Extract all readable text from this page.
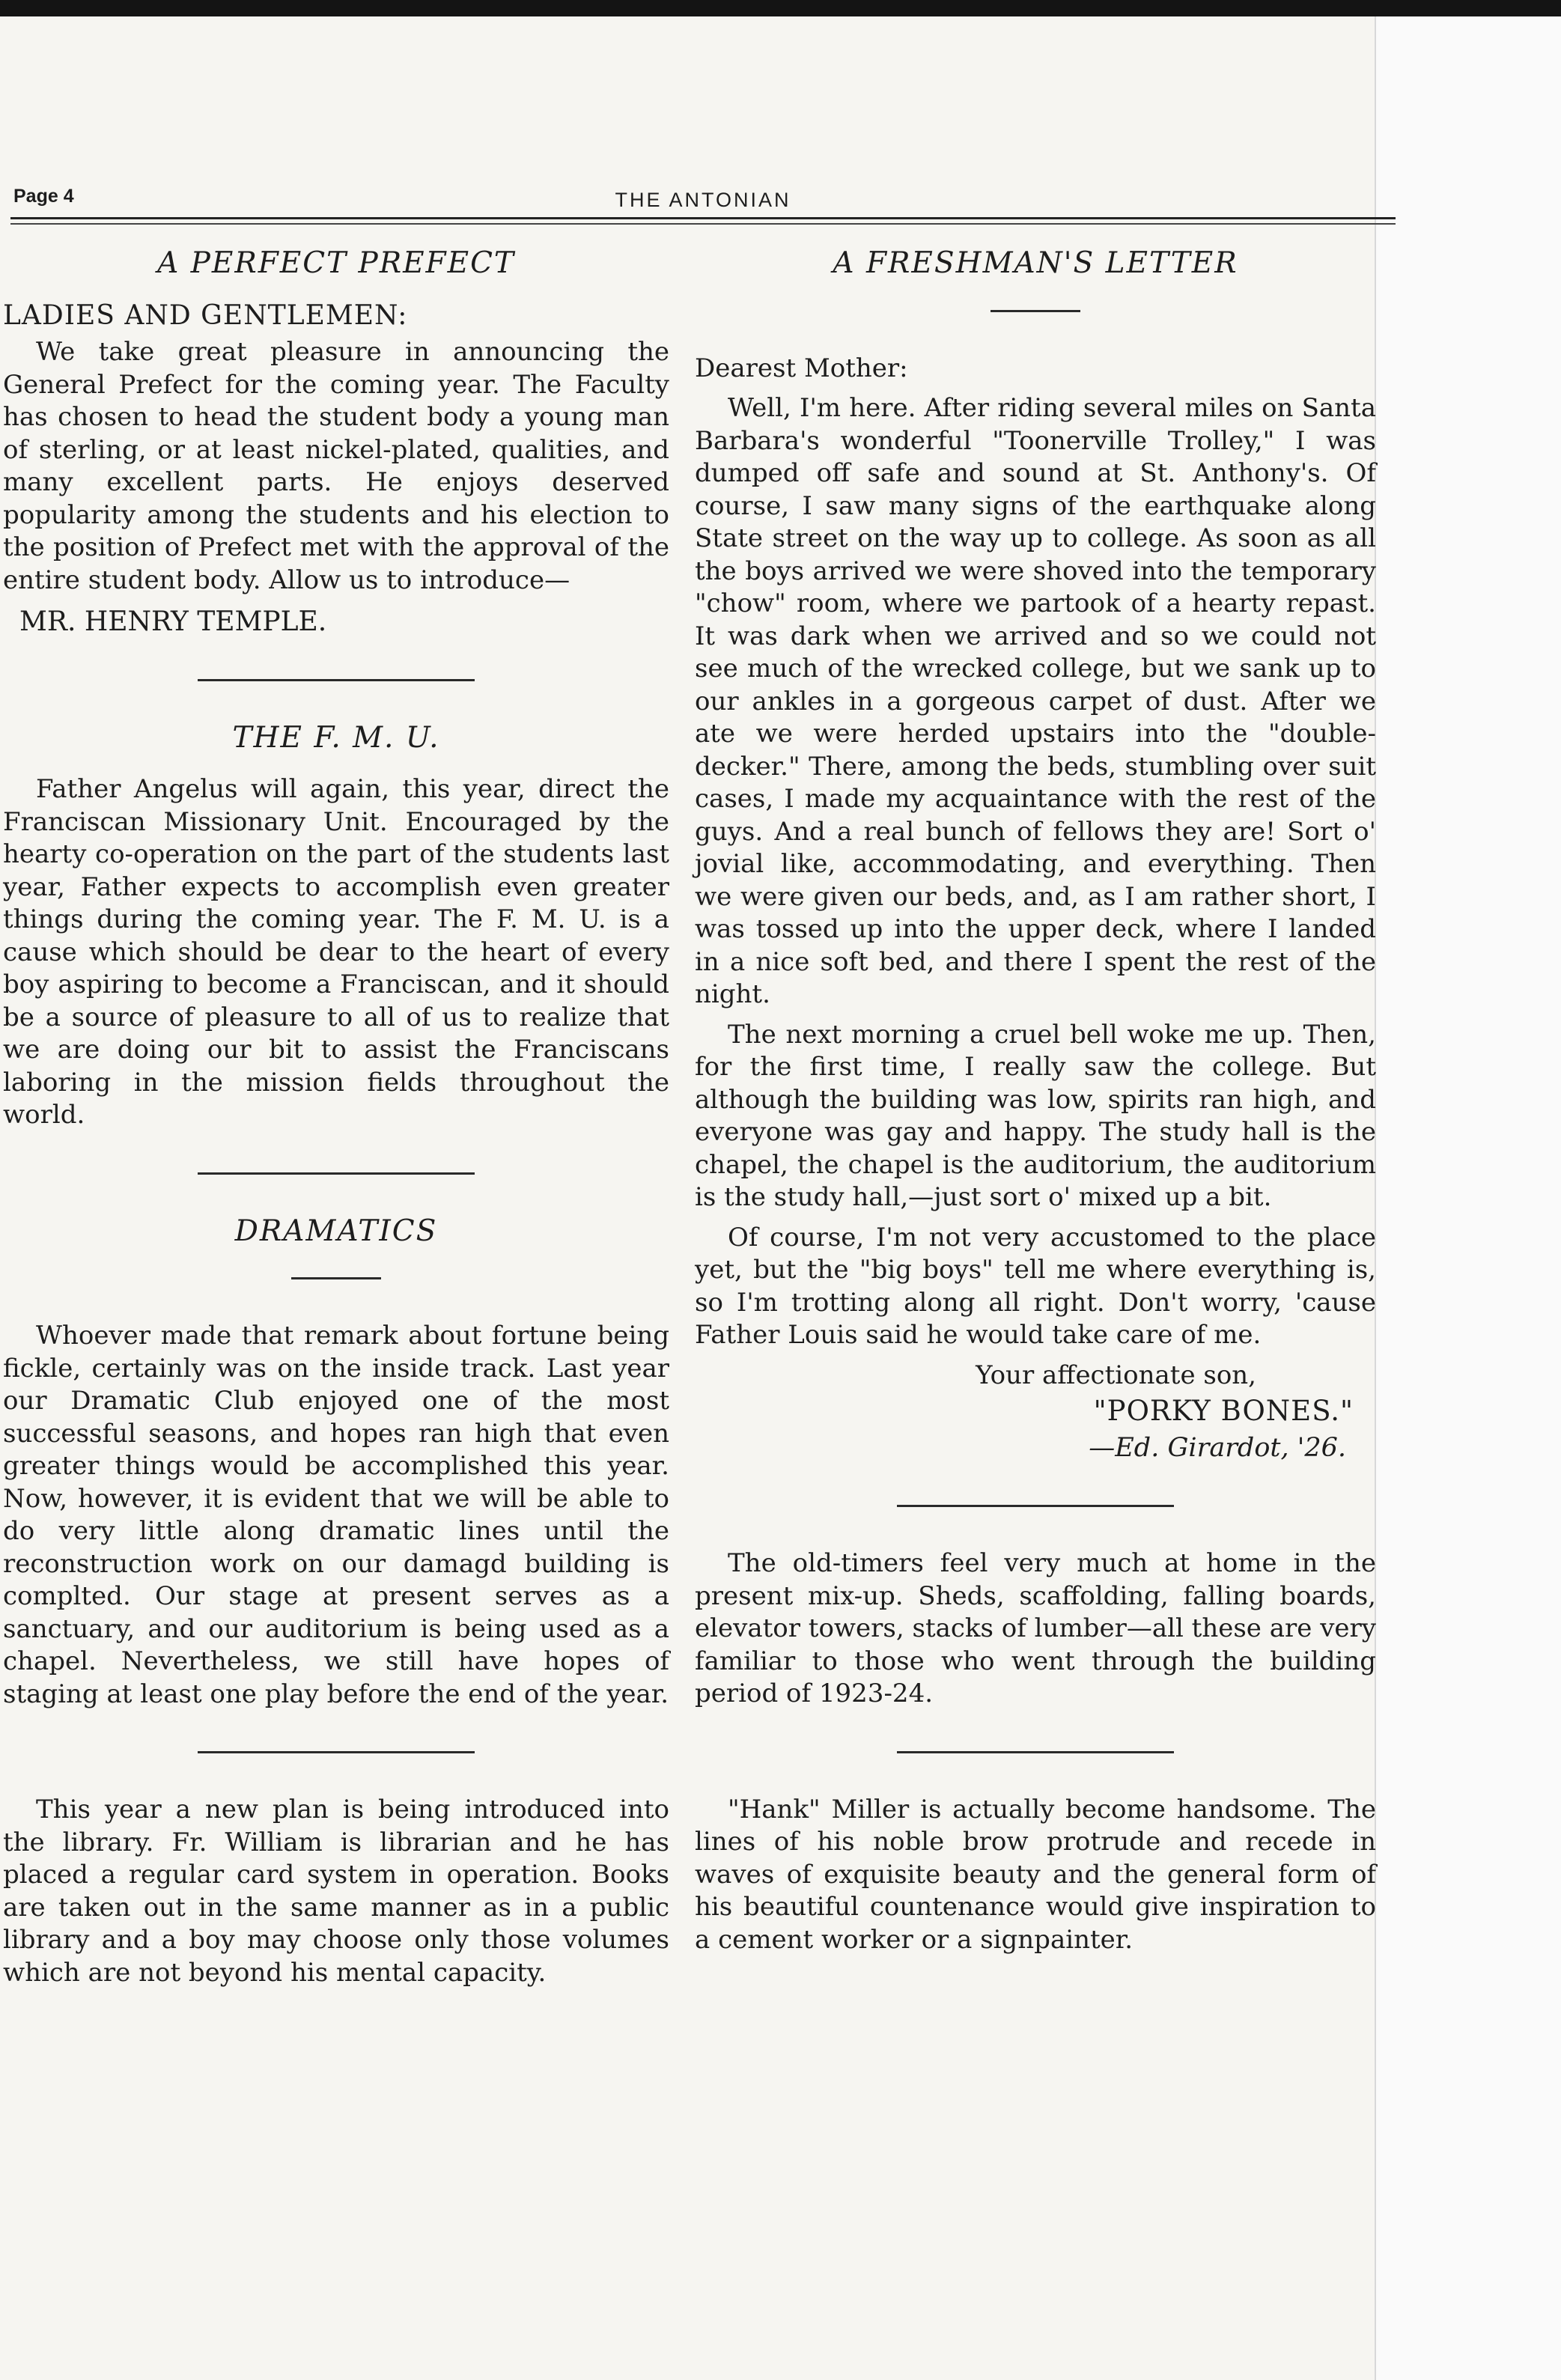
Page 4	THE ANTONIAN
A PERFECT PREFECT
LADIES AND GENTLEMEN:

We take great pleasure in announcing the General Prefect for the coming year. The Faculty has chosen to head the student body a young man of sterling, or at least nickel-plated, qualities, and many excellent parts. He enjoys deserved popularity among the students and his election to the position of Prefect met with the approval of the entire student body. Allow us to introduce—

MR. HENRY TEMPLE.
THE F. M. U.

Father Angelus will again, this year, direct the Franciscan Missionary Unit. Encouraged by the hearty co-operation on the part of the students last year, Father expects to accomplish even greater things during the coming year. The F. M. U. is a cause which should be dear to the heart of every boy aspiring to become a Franciscan, and it should be a source of pleasure to all of us to realize that we are doing our bit to assist the Franciscans laboring in the mission fields throughout the world.

DRAMATICS

Whoever made that remark about fortune being fickle, certainly was on the inside track. Last year our Dramatic Club enjoyed one of the most successful seasons, and hopes ran high that even greater things would be accomplished this year. Now, however, it is evident that we will be able to do very little along dramatic lines until the reconstruction work on our damagd building is complted. Our stage at present serves as a sanctuary, and our auditorium is being used as a chapel. Nevertheless, we still have hopes of staging at least one play before the end of the year.

This year a new plan is being introduced into the library. Fr. William is librarian and he has placed a regular card system in operation. Books are taken out in the same manner as in a public library and a boy may choose only those volumes which are not beyond his mental capacity.

A FRESHMAN'S LETTER

Dearest Mother:

Well, I'm here. After riding several miles on Santa Barbara's wonderful "Toonerville Trolley," I was dumped off safe and sound at St. Anthony's. Of course, I saw many signs of the earthquake along State street on the way up to college. As soon as all the boys arrived we were shoved into the temporary "chow" room, where we partook of a hearty repast. It was dark when we arrived and so we could not see much of the wrecked college, but we sank up to our ankles in a gorgeous carpet of dust. After we ate we were herded upstairs into the "double-decker." There, among the beds, stumbling over suit cases, I made my acquaintance with the rest of the guys. And a real bunch of fellows they are! Sort o' jovial like, accommodating, and everything. Then we were given our beds, and, as I am rather short, I was tossed up into the upper deck, where I landed in a nice soft bed, and there I spent the rest of the night.

The next morning a cruel bell woke me up. Then, for the first time, I really saw the college. But although the building was low, spirits ran high, and everyone was gay and happy. The study hall is the chapel, the chapel is the auditorium, the auditorium is the study hall,—just sort o' mixed up a bit.

Of course, I'm not very accustomed to the place yet, but the "big boys" tell me where everything is, so I'm trotting along all right. Don't worry, 'cause Father Louis said he would take care of me.

Your affectionate son,
"PORKY BONES."
—Ed. Girardot, '26.

The old-timers feel very much at home in the present mix-up. Sheds, scaffolding, falling boards, elevator towers, stacks of lumber—all these are very familiar to those who went through the building period of 1923-24.

"Hank" Miller is actually become handsome. The lines of his noble brow protrude and recede in waves of exquisite beauty and the general form of his beautiful countenance would give inspiration to a cement worker or a signpainter.
